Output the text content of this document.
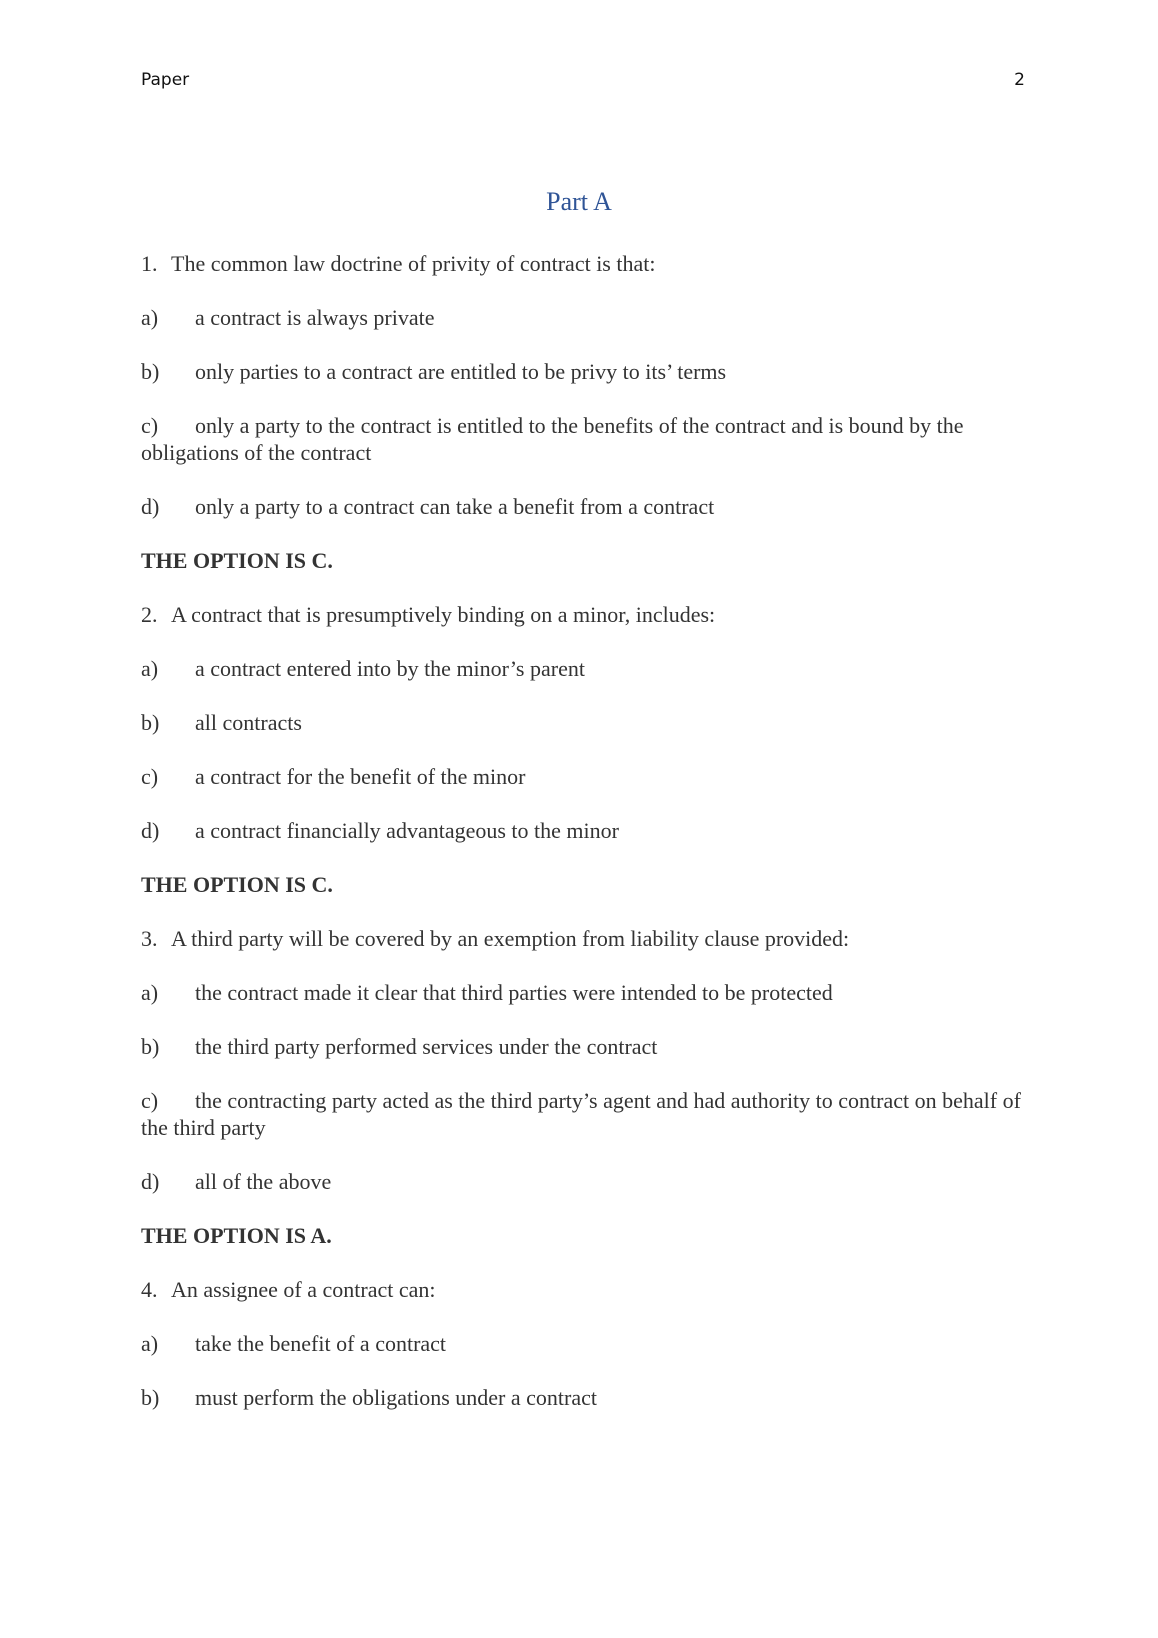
Paper	2
Part A
1. The common law doctrine of privity of contract is that:
a) a contract is always private
b) only parties to a contract are entitled to be privy to its’ terms
c) only a party to the contract is entitled to the benefits of the contract and is bound by the obligations of the contract
d) only a party to a contract can take a benefit from a contract
THE OPTION IS C.
2. A contract that is presumptively binding on a minor, includes:
a) a contract entered into by the minor’s parent
b) all contracts
c) a contract for the benefit of the minor
d) a contract financially advantageous to the minor
THE OPTION IS C.
3. A third party will be covered by an exemption from liability clause provided:
a) the contract made it clear that third parties were intended to be protected
b) the third party performed services under the contract
c) the contracting party acted as the third party’s agent and had authority to contract on behalf of the third party
d) all of the above
THE OPTION IS A.
4. An assignee of a contract can:
a) take the benefit of a contract
b) must perform the obligations under a contract
